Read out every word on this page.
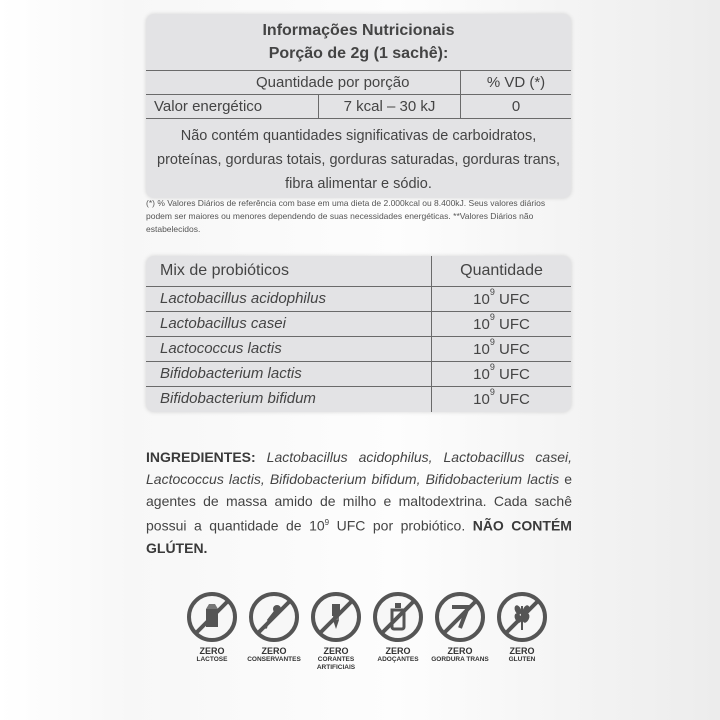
Informações Nutricionais
Porção de 2g (1 sachê):
Quantidade por porção	% VD (*)
Valor energético	7 kcal – 30 kJ	0
Não contém quantidades significativas de carboidratos, proteínas, gorduras totais, gorduras saturadas, gorduras trans, fibra alimentar e sódio.
(*) % Valores Diários de referência com base em uma dieta de 2.000kcal ou 8.400kJ. Seus valores diários podem ser maiores ou menores dependendo de suas necessidades energéticas. **Valores Diários não estabelecidos.
Mix de probióticos	Quantidade
Lactobacillus acidophilus	$10^9$ UFC
Lactobacillus casei	$10^9$ UFC
Lactococcus lactis	$10^9$ UFC
Bifidobacterium lactis	$10^9$ UFC
Bifidobacterium bifidum	$10^9$ UFC
INGREDIENTES: Lactobacillus acidophilus, Lactobacillus casei, Lactococcus lactis, Bifidobacterium bifidum, Bifidobacterium lactis e agentes de massa amido de milho e maltodextrina. Cada sachê possui a quantidade de $10^9$ UFC por probiótico. NÃO CONTÉM GLÚTEN.
ZERO
LACTOSE
ZERO
CONSERVANTES
ZERO
CORANTES ARTIFICIAIS
ZERO
ADOÇANTES
ZERO
GORDURA TRANS
ZERO
GLUTEN
